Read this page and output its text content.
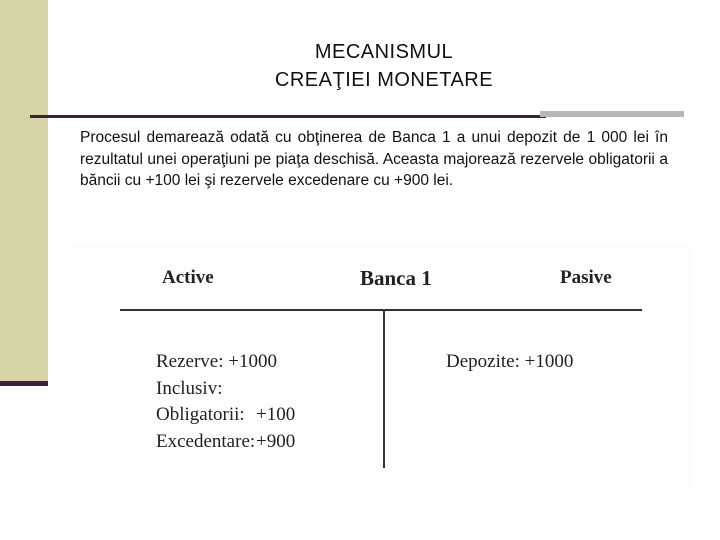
MECANISMUL
CREAŢIEI MONETARE
Procesul demarează odată cu obţinerea de Banca 1 a unui depozit de 1 000 lei în rezultatul unei operaţiuni pe piaţa deschisă. Aceasta majorează rezervele obligatorii a băncii cu +100 lei şi rezervele excedenare cu +900 lei.
Active	Banca 1	Pasive
Rezerve: +1000
Inclusiv:
Obligatorii: +100
Excedentare: +900
Depozite: +1000
